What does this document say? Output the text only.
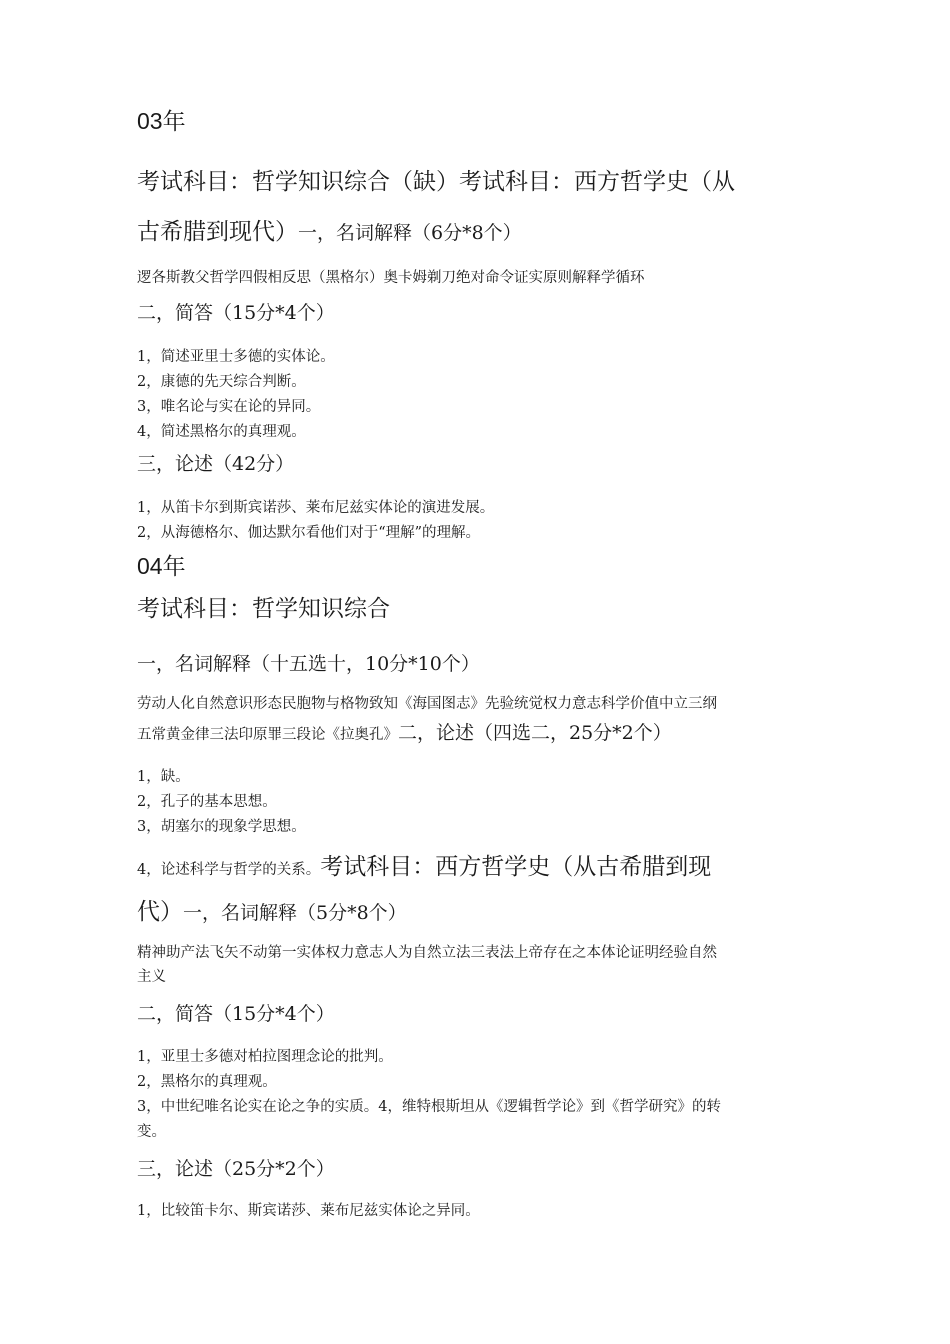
03年
考试科目：哲学知识综合（缺）考试科目：西方哲学史（从
古希腊到现代）一，名词解释（6分*8个）
逻各斯教父哲学四假相反思（黑格尔）奥卡姆剃刀绝对命令证实原则解释学循环
二，简答（15分*4个）
1，简述亚里士多德的实体论。
2，康德的先天综合判断。
3，唯名论与实在论的异同。
4，简述黑格尔的真理观。
三，论述（42分）
1，从笛卡尔到斯宾诺莎、莱布尼兹实体论的演进发展。
2，从海德格尔、伽达默尔看他们对于“理解”的理解。
04年
考试科目：哲学知识综合
一，名词解释（十五选十，10分*10个）
劳动人化自然意识形态民胞物与格物致知《海国图志》先验统觉权力意志科学价值中立三纲
五常黄金律三法印原罪三段论《拉奥孔》二，论述（四选二，25分*2个）
1，缺。
2，孔子的基本思想。
3，胡塞尔的现象学思想。
4，论述科学与哲学的关系。考试科目：西方哲学史（从古希腊到现
代）一，名词解释（5分*8个）
精神助产法飞矢不动第一实体权力意志人为自然立法三表法上帝存在之本体论证明经验自然
主义
二，简答（15分*4个）
1，亚里士多德对柏拉图理念论的批判。
2，黑格尔的真理观。
3，中世纪唯名论实在论之争的实质。4，维特根斯坦从《逻辑哲学论》到《哲学研究》的转
变。
三，论述（25分*2个）
1，比较笛卡尔、斯宾诺莎、莱布尼兹实体论之异同。
